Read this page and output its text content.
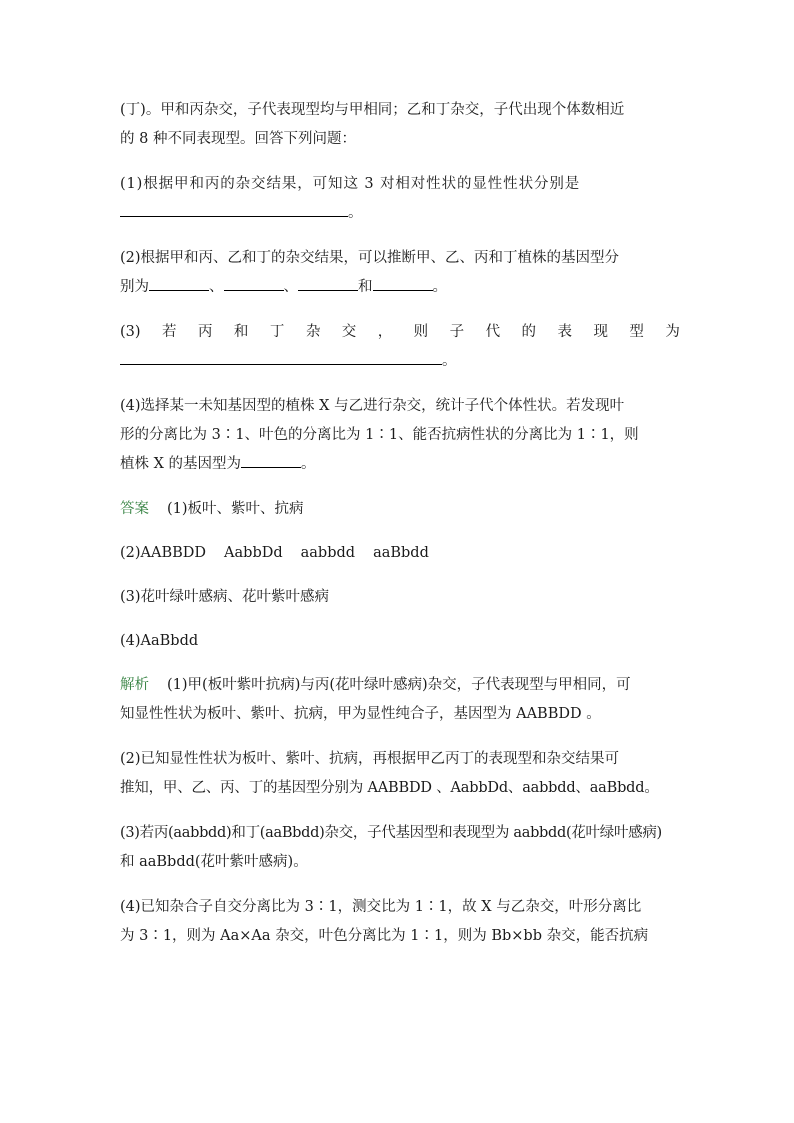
(丁)。甲和丙杂交，子代表现型均与甲相同；乙和丁杂交，子代出现个体数相近
的 8 种不同表现型。回答下列问题：
(1)根据甲和丙的杂交结果，可知这 3 对相对性状的显性性状分别是
。
(2)根据甲和丙、乙和丁的杂交结果，可以推断甲、乙、丙和丁植株的基因型分
别为	、	、	和	。
(3) 若 丙 和 丁 杂 交 ， 则 子 代 的 表 现 型 为
。
(4)选择某一未知基因型的植株 X 与乙进行杂交，统计子代个体性状。若发现叶
形的分离比为 3∶1、叶色的分离比为 1∶1、能否抗病性状的分离比为 1∶1，则
植株 X 的基因型为	。
答案 (1)板叶、紫叶、抗病
(2)AABBDD AabbDd aabbdd aaBbdd
(3)花叶绿叶感病、花叶紫叶感病
(4)AaBbdd
解析 (1)甲(板叶紫叶抗病)与丙(花叶绿叶感病)杂交，子代表现型与甲相同，可
知显性性状为板叶、紫叶、抗病，甲为显性纯合子，基因型为 AABBDD 。
(2)已知显性性状为板叶、紫叶、抗病，再根据甲乙丙丁的表现型和杂交结果可
推知，甲、乙、丙、丁的基因型分别为 AABBDD 、AabbDd、aabbdd、aaBbdd。
(3)若丙(aabbdd)和丁(aaBbdd)杂交，子代基因型和表现型为 aabbdd(花叶绿叶感病)
和 aaBbdd(花叶紫叶感病)。
(4)已知杂合子自交分离比为 3∶1，测交比为 1∶1，故 X 与乙杂交，叶形分离比
为 3∶1，则为 Aa×Aa 杂交，叶色分离比为 1∶1，则为 Bb×bb 杂交，能否抗病
